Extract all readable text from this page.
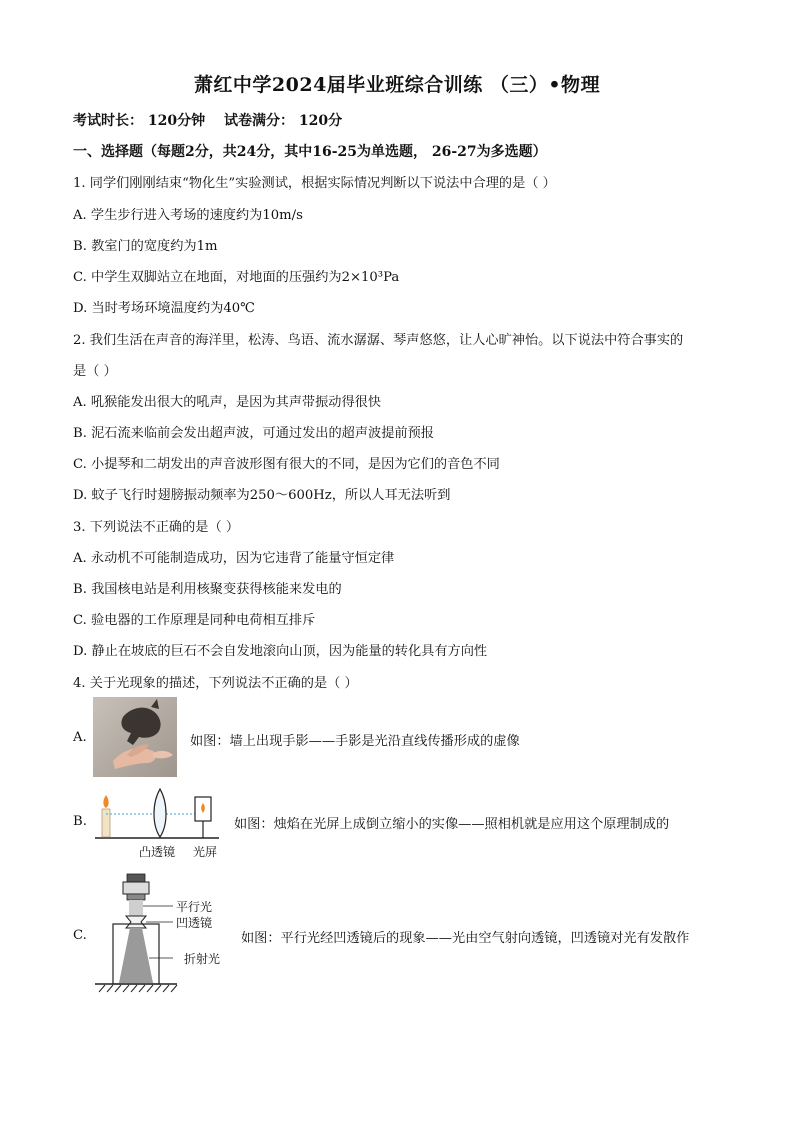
萧红中学2024届毕业班综合训练 （三）•物理
考试时长： 120分钟 试卷满分： 120分
一、选择题（每题2分，共24分，其中16-25为单选题， 26-27为多选题）
1. 同学们刚刚结束“物化生”实验测试，根据实际情况判断以下说法中合理的是（ ）
A. 学生步行进入考场的速度约为10m/s
B. 教室门的宽度约为1m
C. 中学生双脚站立在地面，对地面的压强约为2×10³Pa
D. 当时考场环境温度约为40℃
2. 我们生活在声音的海洋里，松涛、鸟语、流水潺潺、琴声悠悠，让人心旷神怡。以下说法中符合事实的
是（ ）
A. 吼猴能发出很大的吼声，是因为其声带振动得很快
B. 泥石流来临前会发出超声波，可通过发出的超声波提前预报
C. 小提琴和二胡发出的声音波形图有很大的不同，是因为它们的音色不同
D. 蚊子飞行时翅膀振动频率为250～600Hz，所以人耳无法听到
3. 下列说法不正确的是（ ）
A. 永动机不可能制造成功，因为它违背了能量守恒定律
B. 我国核电站是利用核聚变获得核能来发电的
C. 验电器的工作原理是同种电荷相互排斥
D. 静止在坡底的巨石不会自发地滚向山顶，因为能量的转化具有方向性
4. 关于光现象的描述，下列说法不正确的是（ ）
A.	如图：墙上出现手影——手影是光沿直线传播形成的虚像
B.
凸透镜 光屏
如图：烛焰在光屏上成倒立缩小的实像——照相机就是应用这个原理制成的
C.
平行光
凹透镜
折射光
如图：平行光经凹透镜后的现象——光由空气射向透镜，凹透镜对光有发散作
